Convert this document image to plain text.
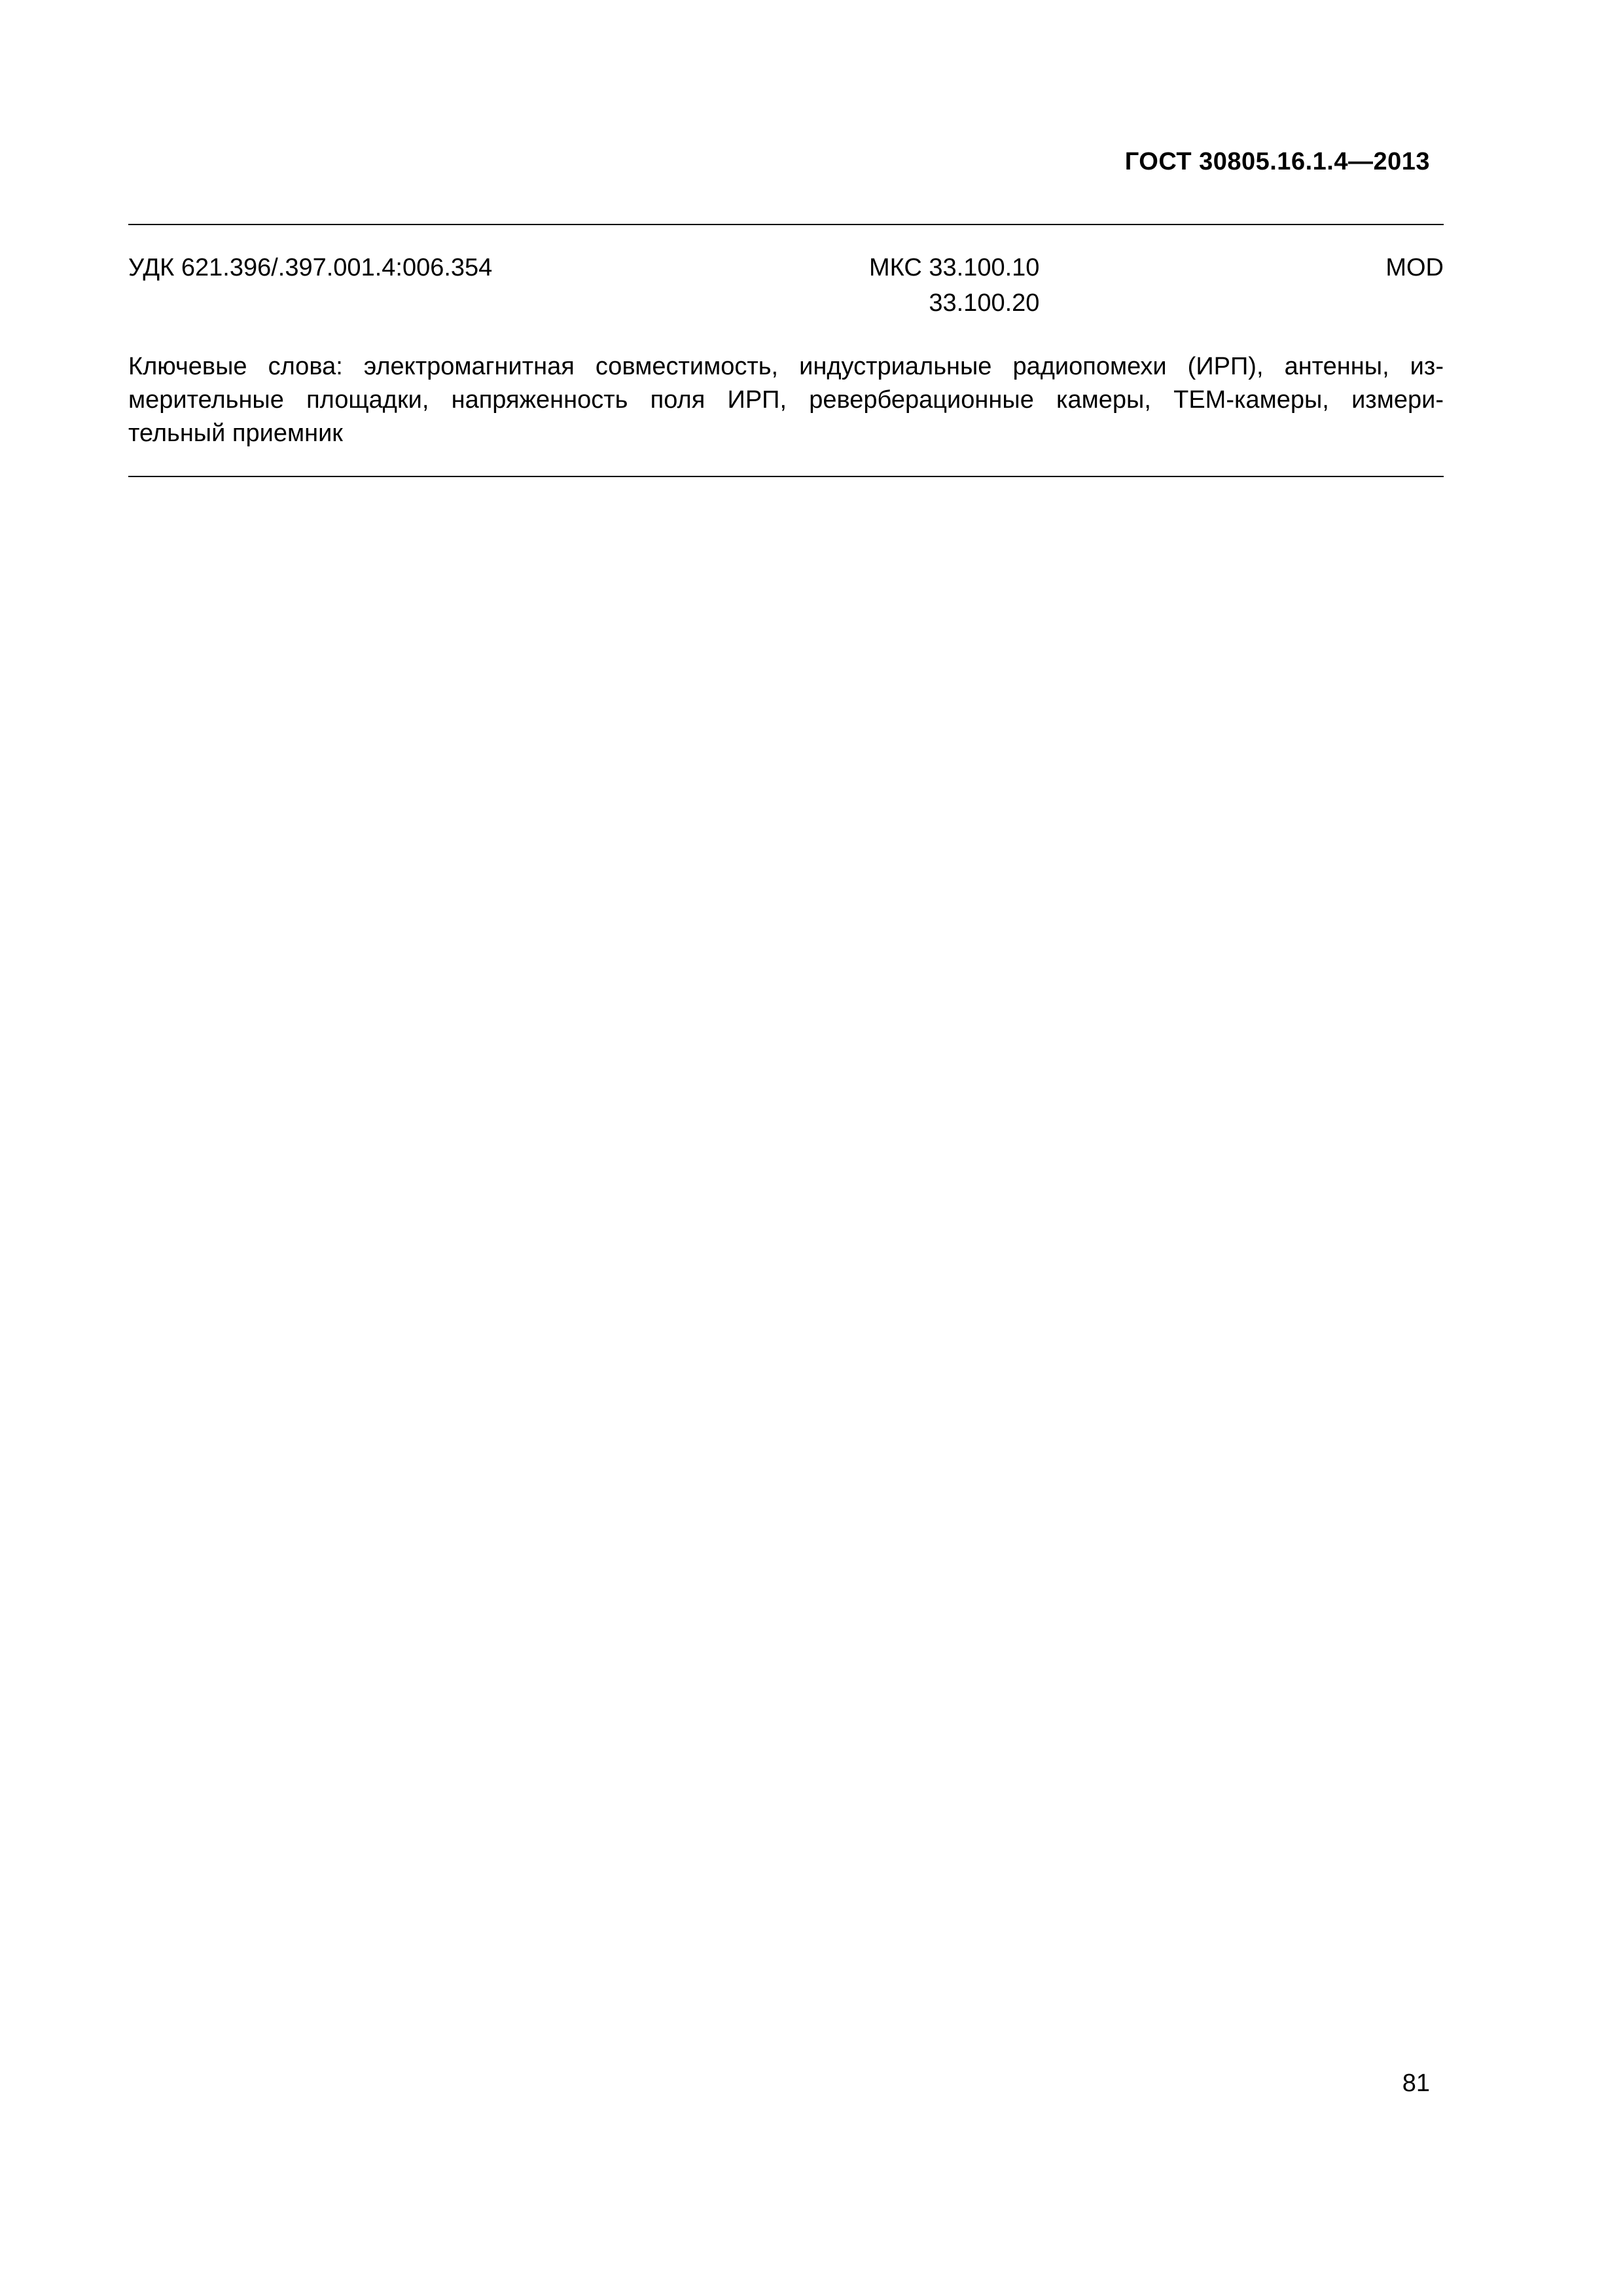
ГОСТ 30805.16.1.4—2013
УДК 621.396/.397.001.4:006.354	МКС 33.100.10
33.100.20
MOD
Ключевые слова: электромагнитная совместимость, индустриальные радиопомехи (ИРП), антенны, из-
мерительные площадки, напряженность поля ИРП, реверберационные камеры, ТЕМ-камеры, измери-
тельный приемник
81
